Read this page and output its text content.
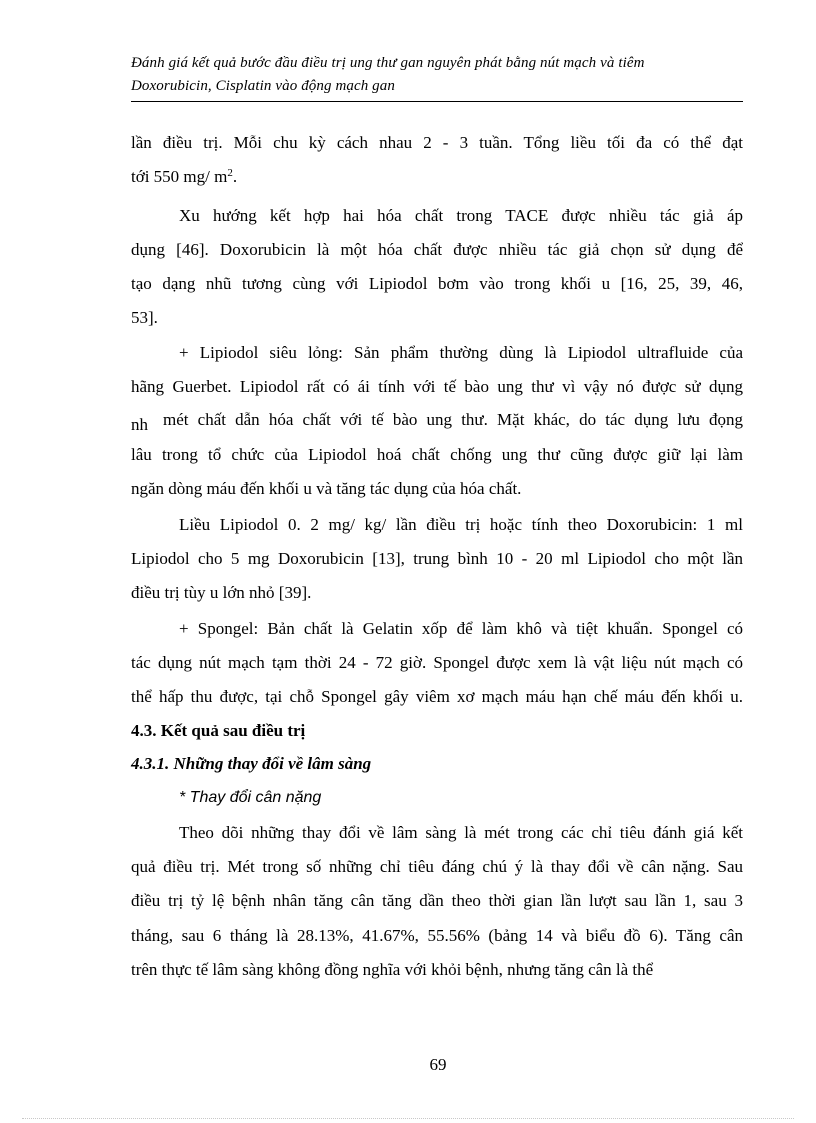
Đánh giá kết quả bước đầu điều trị ung thư gan nguyên phát bằng nút mạch và tiêm
Doxorubicin, Cisplatin vào động mạch gan
lần điều trị. Mỗi chu kỳ cách nhau 2 - 3 tuần. Tổng liều tối đa có thể đạt
tới 550 mg/ $m^2$.
Xu hướng kết hợp hai hóa chất trong TACE được nhiều tác giả áp
dụng [46]. Doxorubicin là một hóa chất được nhiều tác giả chọn sử dụng để
tạo dạng nhũ tương cùng với Lipiodol bơm vào trong khối u [16, 25, 39, 46,
53].
+ Lipiodol siêu lỏng: Sản phẩm thường dùng là Lipiodol ultrafluide của
hãng Guerbet. Lipiodol rất có ái tính với tế bào ung thư vì vậy nó được sử dụng
nh mét chất dẫn hóa chất với tế bào ung thư. Mặt khác, do tác dụng lưu đọng
lâu trong tổ chức của Lipiodol hoá chất chống ung thư cũng được giữ lại làm
ngăn dòng máu đến khối u và tăng tác dụng của hóa chất.
Liều Lipiodol 0. 2 mg/ kg/ lần điều trị hoặc tính theo Doxorubicin: 1 ml
Lipiodol cho 5 mg Doxorubicin [13], trung bình 10 - 20 ml Lipiodol cho một lần
điều trị tùy u lớn nhỏ [39].
+ Spongel: Bản chất là Gelatin xốp để làm khô và tiệt khuẩn. Spongel có
tác dụng nút mạch tạm thời 24 - 72 giờ. Spongel được xem là vật liệu nút mạch có
thể hấp thu được, tại chỗ Spongel gây viêm xơ mạch máu hạn chế máu đến khối u.
4.3. Kết quả sau điều trị
4.3.1. Những thay đổi về lâm sàng
* Thay đổi cân nặng
Theo dõi những thay đổi về lâm sàng là mét trong các chỉ tiêu đánh giá kết
quả điều trị. Mét trong số những chỉ tiêu đáng chú ý là thay đổi về cân nặng. Sau
điều trị tỷ lệ bệnh nhân tăng cân tăng dần theo thời gian lần lượt sau lần 1, sau 3
tháng, sau 6 tháng là 28.13%, 41.67%, 55.56% (bảng 14 và biểu đồ 6). Tăng cân
trên thực tế lâm sàng không đồng nghĩa với khỏi bệnh, nhưng tăng cân là thể
69
